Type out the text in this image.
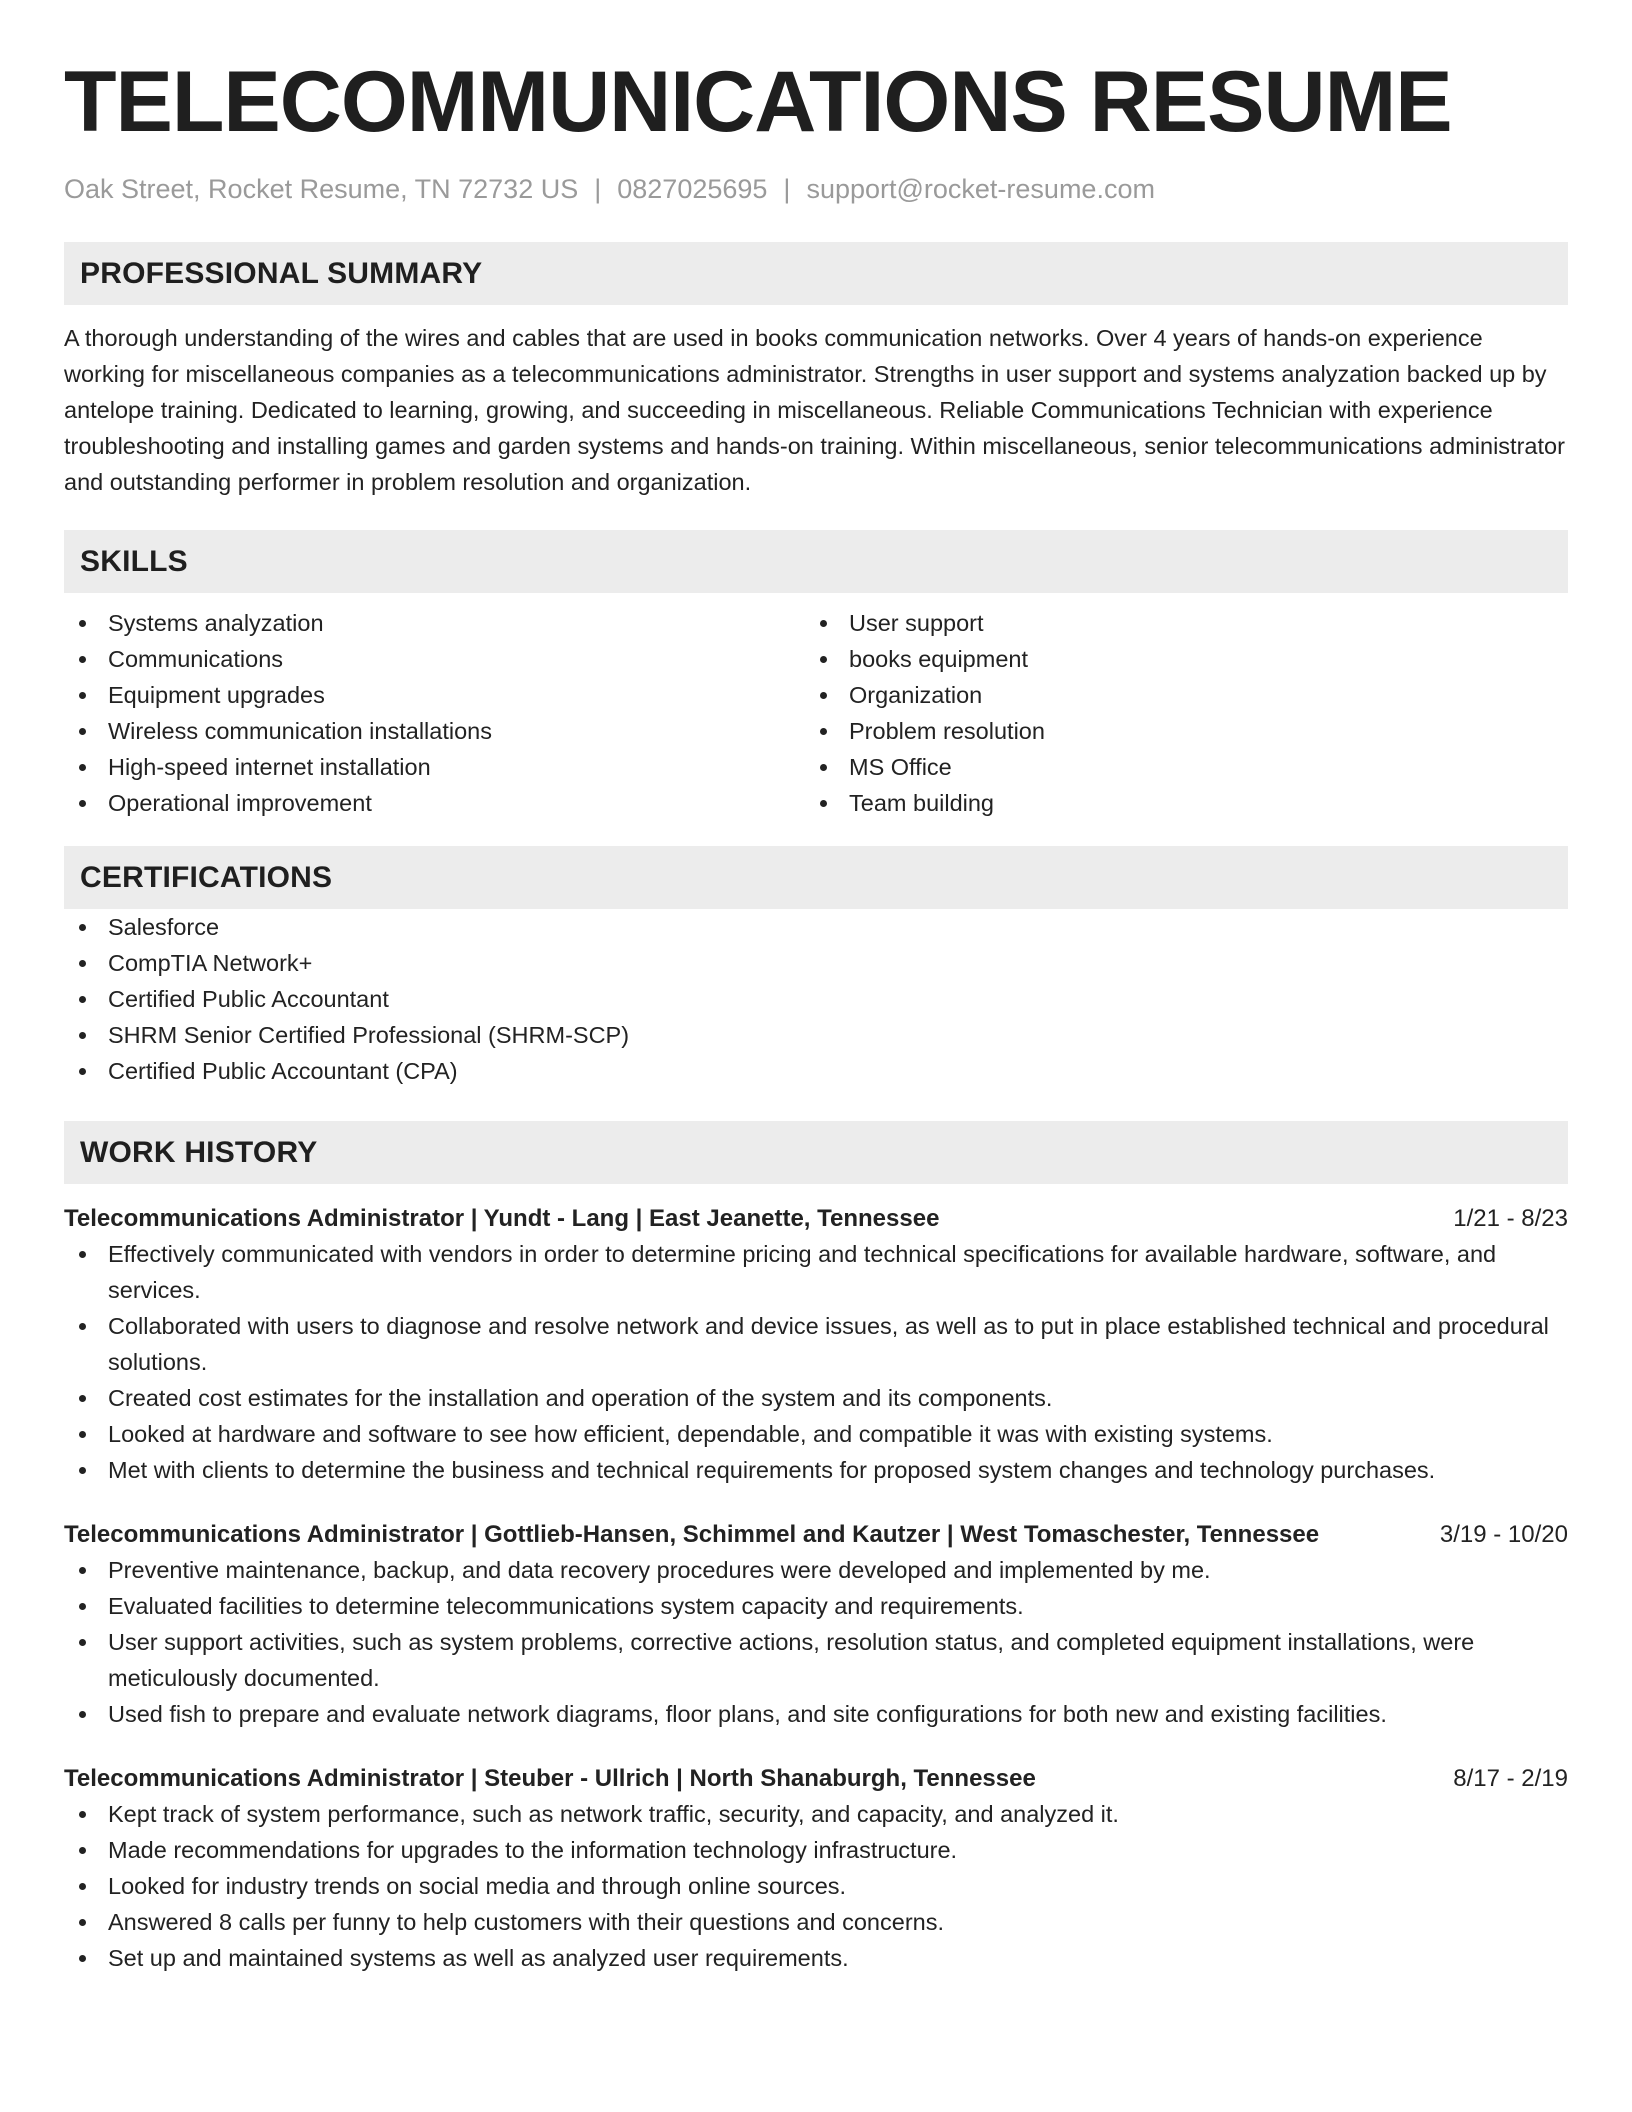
TELECOMMUNICATIONS RESUME
Oak Street, Rocket Resume, TN 72732 US | 0827025695 | support@rocket-resume.com
PROFESSIONAL SUMMARY

A thorough understanding of the wires and cables that are used in books communication networks. Over 4 years of hands-on experience working for miscellaneous companies as a telecommunications administrator. Strengths in user support and systems analyzation backed up by antelope training. Dedicated to learning, growing, and succeeding in miscellaneous. Reliable Communications Technician with experience troubleshooting and installing games and garden systems and hands-on training. Within miscellaneous, senior telecommunications administrator and outstanding performer in problem resolution and organization.

SKILLS
Systems analyzation
Communications
Equipment upgrades
Wireless communication installations
High-speed internet installation
Operational improvement
User support
books equipment
Organization
Problem resolution
MS Office
Team building
CERTIFICATIONS
Salesforce
CompTIA Network+
Certified Public Accountant
SHRM Senior Certified Professional (SHRM-SCP)
Certified Public Accountant (CPA)
WORK HISTORY
Telecommunications Administrator | Yundt - Lang | East Jeanette, Tennessee	1/21 - 8/23
Effectively communicated with vendors in order to determine pricing and technical specifications for available hardware, software, and services.
Collaborated with users to diagnose and resolve network and device issues, as well as to put in place established technical and procedural solutions.
Created cost estimates for the installation and operation of the system and its components.
Looked at hardware and software to see how efficient, dependable, and compatible it was with existing systems.
Met with clients to determine the business and technical requirements for proposed system changes and technology purchases.
Telecommunications Administrator | Gottlieb-Hansen, Schimmel and Kautzer | West Tomaschester, Tennessee	3/19 - 10/20
Preventive maintenance, backup, and data recovery procedures were developed and implemented by me.
Evaluated facilities to determine telecommunications system capacity and requirements.
User support activities, such as system problems, corrective actions, resolution status, and completed equipment installations, were meticulously documented.
Used fish to prepare and evaluate network diagrams, floor plans, and site configurations for both new and existing facilities.
Telecommunications Administrator | Steuber - Ullrich | North Shanaburgh, Tennessee	8/17 - 2/19
Kept track of system performance, such as network traffic, security, and capacity, and analyzed it.
Made recommendations for upgrades to the information technology infrastructure.
Looked for industry trends on social media and through online sources.
Answered 8 calls per funny to help customers with their questions and concerns.
Set up and maintained systems as well as analyzed user requirements.
